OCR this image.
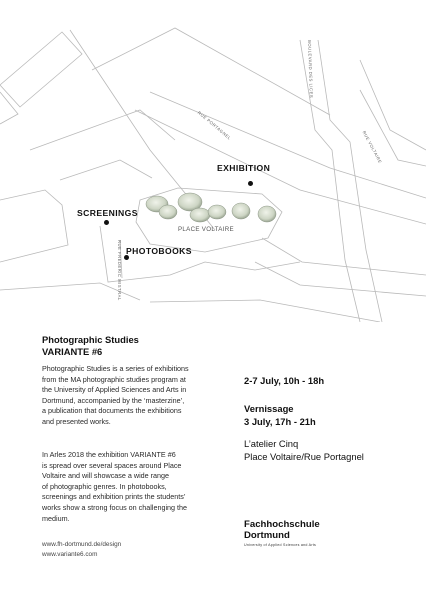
EXHIBITION
SCREENINGS
PHOTOBOOKS
PLACE VOLTAIRE
BOULEVARD DES LICES
RUE PORTAGNEL
RUE VOLTAIRE
RUE FREDERIC MISTRAL
Photographic Studies
VARIANTE #6
Photographic Studies is a series of exhibitions
from the MA photographic studies program at
the University of Applied Sciences and Arts in
Dortmund, accompanied by the ‘masterzine’,
a publication that documents the exhibitions
and presented works.
In Arles 2018 the exhibition VARIANTE #6
is spread over several spaces around Place
Voltaire and will showcase a wide range
of photographic genres. In photobooks,
screenings and exhibition prints the students’
works show a strong focus on challenging the
medium.
www.fh-dortmund.de/design
www.variante6.com
2-7 July, 10h - 18h
Vernissage
3 July, 17h - 21h
L’atelier Cinq
Place Voltaire/Rue Portagnel
Fachhochschule
Dortmund
University of Applied Sciences and Arts
